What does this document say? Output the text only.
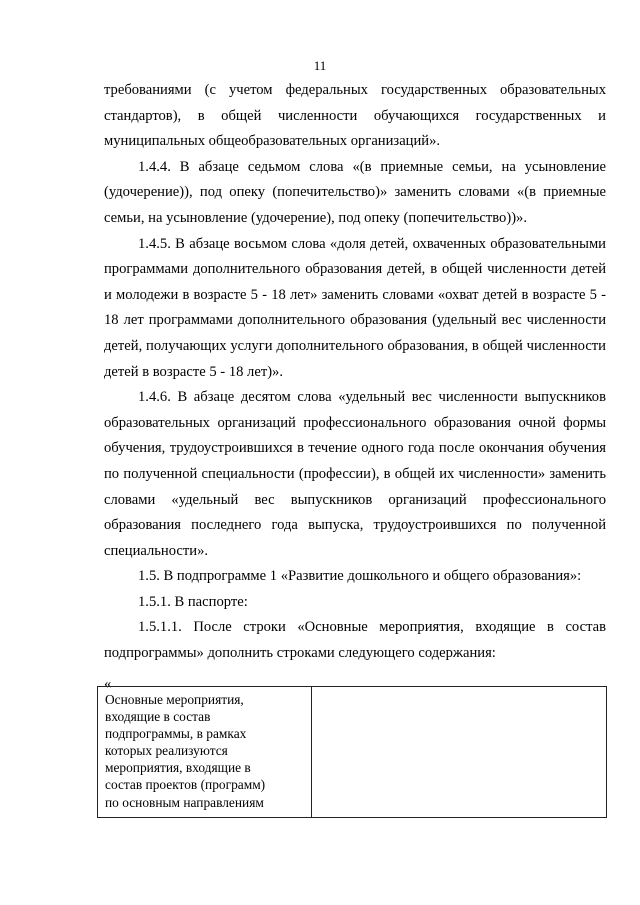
11

требованиями (с учетом федеральных государственных образовательных стандартов), в общей численности обучающихся государственных и муниципальных общеобразовательных организаций».

1.4.4. В абзаце седьмом слова «(в приемные семьи, на усыновление (удочерение)), под опеку (попечительство)» заменить словами «(в приемные семьи, на усыновление (удочерение), под опеку (попечительство))».

1.4.5. В абзаце восьмом слова «доля детей, охваченных образовательными программами дополнительного образования детей, в общей численности детей и молодежи в возрасте 5 - 18 лет» заменить словами «охват детей в возрасте 5 - 18 лет программами дополнительного образования (удельный вес численности детей, получающих услуги дополнительного образования, в общей численности детей в возрасте 5 - 18 лет)».

1.4.6. В абзаце десятом слова «удельный вес численности выпускников образовательных организаций профессионального образования очной формы обучения, трудоустроившихся в течение одного года после окончания обучения по полученной специальности (профессии), в общей их численности» заменить словами «удельный вес выпускников организаций профессионального образования последнего года выпуска, трудоустроившихся по полученной специальности».

1.5. В подпрограмме 1 «Развитие дошкольного и общего образования»:

1.5.1. В паспорте:

1.5.1.1. После строки «Основные мероприятия, входящие в состав подпрограммы» дополнить строками следующего содержания:

«
Основные мероприятия,
входящие в состав
подпрограммы, в рамках
которых реализуются
мероприятия, входящие в
состав проектов (программ)
по основным направлениям
